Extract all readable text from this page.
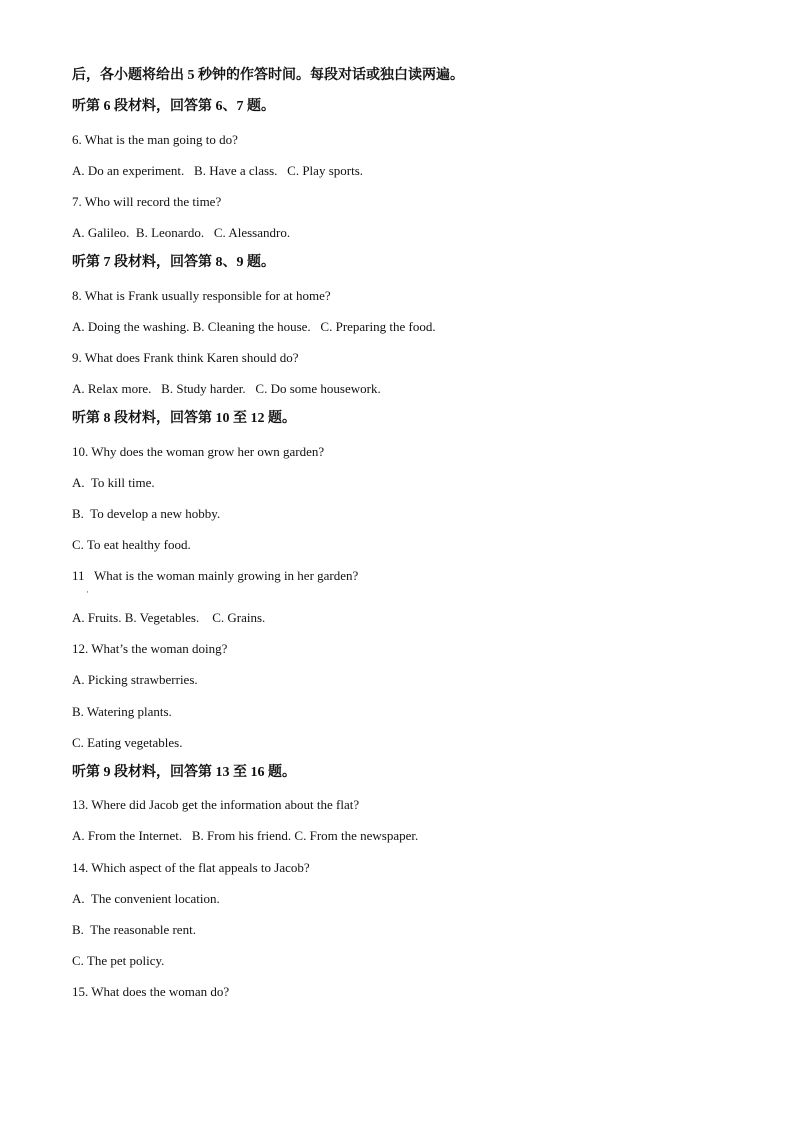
后，各小题将给出 5 秒钟的作答时间。每段对话或独白读两遍。
听第 6 段材料，回答第 6、7 题。
6. What is the man going to do?
A. Do an experiment.   B. Have a class.   C. Play sports.
7. Who will record the time?
A. Galileo.  B. Leonardo.   C. Alessandro.
听第 7 段材料，回答第 8、9 题。
8. What is Frank usually responsible for at home?
A. Doing the washing. B. Cleaning the house.   C. Preparing the food.
9. What does Frank think Karen should do?
A. Relax more.   B. Study harder.   C. Do some housework.
听第 8 段材料，回答第 10 至 12 题。
10. Why does the woman grow her own garden?
A.  To kill time.
B.  To develop a new hobby.
C. To eat healthy food.
11   What is the woman mainly growing in her garden?
·
A. Fruits. B. Vegetables.    C. Grains.
12. What’s the woman doing?
A. Picking strawberries.
B. Watering plants.
C. Eating vegetables.
听第 9 段材料，回答第 13 至 16 题。
13. Where did Jacob get the information about the flat?
A. From the Internet.   B. From his friend. C. From the newspaper.
14. Which aspect of the flat appeals to Jacob?
A.  The convenient location.
B.  The reasonable rent.
C. The pet policy.
15. What does the woman do?
